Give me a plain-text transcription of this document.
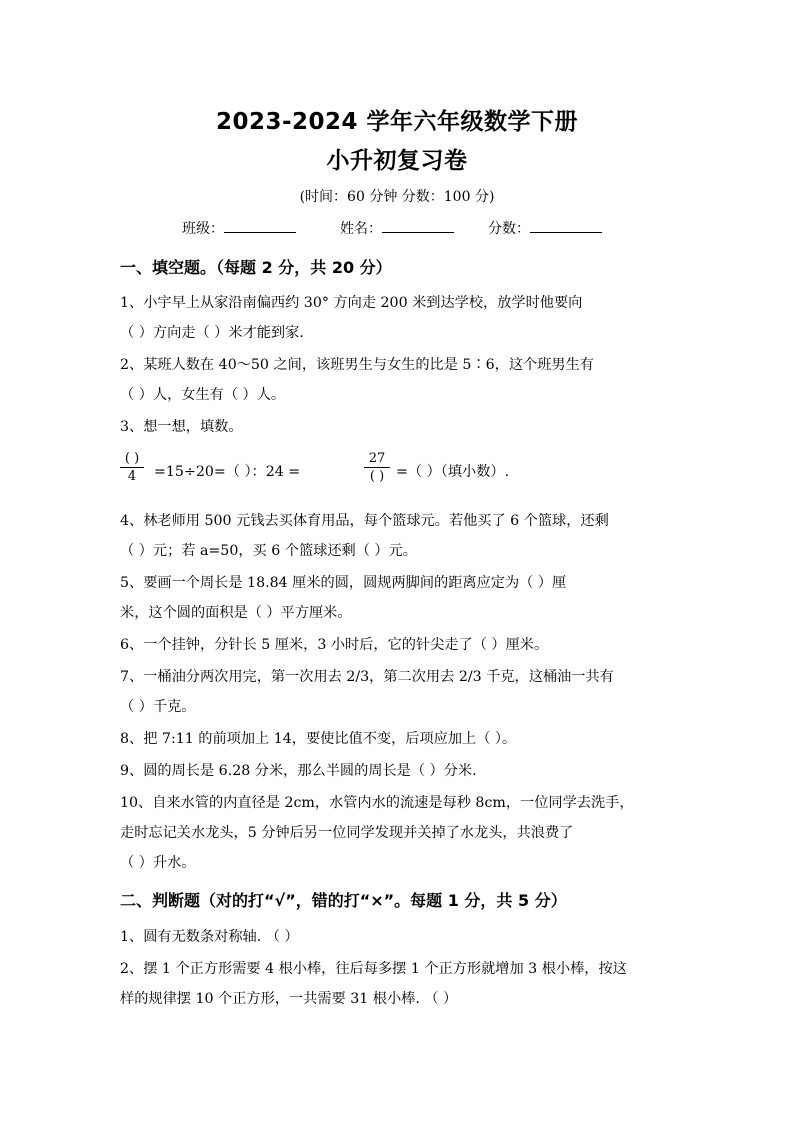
2023-2024 学年六年级数学下册
小升初复习卷
(时间：60 分钟 分数：100 分)
班级：	姓名：	分数：
一、填空题。（每题 2 分，共 20 分）
1、小宇早上从家沿南偏西约 30° 方向走 200 米到达学校，放学时他要向
（ ）方向走（ ）米才能到家.
2、某班人数在 40～50 之间，该班男生与女生的比是 5∶6，这个班男生有
（ ）人，女生有（ ）人。
3、想一想，填数。
( )
4	=15÷20=（ ）：24 =
27
( ) =（ ）（填小数）.
4、林老师用 500 元钱去买体育用品，每个篮球元。若他买了 6 个篮球，还剩
（ ）元；若 a=50，买 6 个篮球还剩（ ）元。
5、要画一个周长是 18.84 厘米的圆，圆规两脚间的距离应定为（ ）厘
米，这个圆的面积是（ ）平方厘米。
6、一个挂钟，分针长 5 厘米，3 小时后，它的针尖走了（ ）厘米。
7、一桶油分两次用完，第一次用去 2/3，第二次用去 2/3 千克，这桶油一共有
（ ）千克。
8、把 7:11 的前项加上 14，要使比值不变，后项应加上（ ）。
9、圆的周长是 6.28 分米，那么半圆的周长是（ ）分米.
10、自来水管的内直径是 2cm，水管内水的流速是每秒 8cm，一位同学去洗手，
走时忘记关水龙头，5 分钟后另一位同学发现并关掉了水龙头，共浪费了
（ ）升水。
二、判断题（对的打“√”，错的打“×”。每题 1 分，共 5 分）
1、圆有无数条对称轴. （ ）
2、摆 1 个正方形需要 4 根小棒，往后每多摆 1 个正方形就增加 3 根小棒，按这
样的规律摆 10 个正方形，一共需要 31 根小棒. （ ）
